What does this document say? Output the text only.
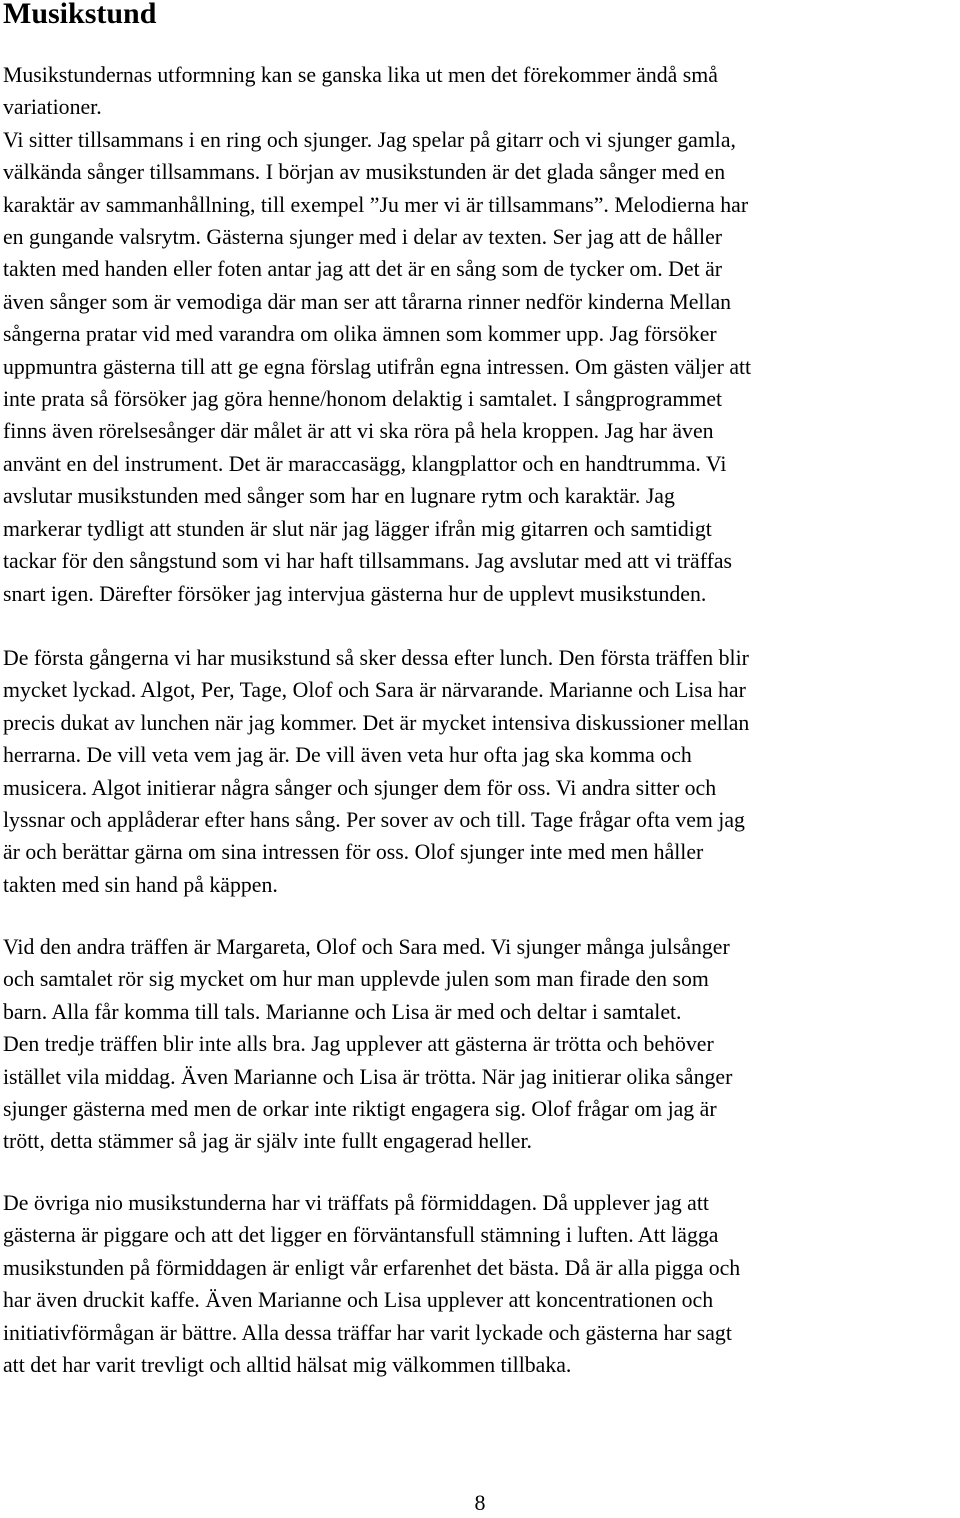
Musikstund
Musikstundernas utformning kan se ganska lika ut men det förekommer ändå små
variationer.
Vi sitter tillsammans i en ring och sjunger. Jag spelar på gitarr och vi sjunger gamla,
välkända sånger tillsammans. I början av musikstunden är det glada sånger med en
karaktär av sammanhållning, till exempel ”Ju mer vi är tillsammans”. Melodierna har
en gungande valsrytm. Gästerna sjunger med i delar av texten. Ser jag att de håller
takten med handen eller foten antar jag att det är en sång som de tycker om. Det är
även sånger som är vemodiga där man ser att tårarna rinner nedför kinderna Mellan
sångerna pratar vid med varandra om olika ämnen som kommer upp. Jag försöker
uppmuntra gästerna till att ge egna förslag utifrån egna intressen. Om gästen väljer att
inte prata så försöker jag göra henne/honom delaktig i samtalet. I sångprogrammet
finns även rörelsesånger där målet är att vi ska röra på hela kroppen. Jag har även
använt en del instrument. Det är maraccasägg, klangplattor och en handtrumma. Vi
avslutar musikstunden med sånger som har en lugnare rytm och karaktär. Jag
markerar tydligt att stunden är slut när jag lägger ifrån mig gitarren och samtidigt
tackar för den sångstund som vi har haft tillsammans. Jag avslutar med att vi träffas
snart igen. Därefter försöker jag intervjua gästerna hur de upplevt musikstunden.
De första gångerna vi har musikstund så sker dessa efter lunch. Den första träffen blir
mycket lyckad. Algot, Per, Tage, Olof och Sara är närvarande. Marianne och Lisa har
precis dukat av lunchen när jag kommer. Det är mycket intensiva diskussioner mellan
herrarna. De vill veta vem jag är. De vill även veta hur ofta jag ska komma och
musicera. Algot initierar några sånger och sjunger dem för oss. Vi andra sitter och
lyssnar och applåderar efter hans sång. Per sover av och till. Tage frågar ofta vem jag
är och berättar gärna om sina intressen för oss. Olof sjunger inte med men håller
takten med sin hand på käppen.
Vid den andra träffen är Margareta, Olof och Sara med. Vi sjunger många julsånger
och samtalet rör sig mycket om hur man upplevde julen som man firade den som
barn. Alla får komma till tals. Marianne och Lisa är med och deltar i samtalet.
Den tredje träffen blir inte alls bra. Jag upplever att gästerna är trötta och behöver
istället vila middag. Även Marianne och Lisa är trötta. När jag initierar olika sånger
sjunger gästerna med men de orkar inte riktigt engagera sig. Olof frågar om jag är
trött, detta stämmer så jag är själv inte fullt engagerad heller.
De övriga nio musikstunderna har vi träffats på förmiddagen. Då upplever jag att
gästerna är piggare och att det ligger en förväntansfull stämning i luften. Att lägga
musikstunden på förmiddagen är enligt vår erfarenhet det bästa. Då är alla pigga och
har även druckit kaffe. Även Marianne och Lisa upplever att koncentrationen och
initiativförmågan är bättre. Alla dessa träffar har varit lyckade och gästerna har sagt
att det har varit trevligt och alltid hälsat mig välkommen tillbaka.
8
